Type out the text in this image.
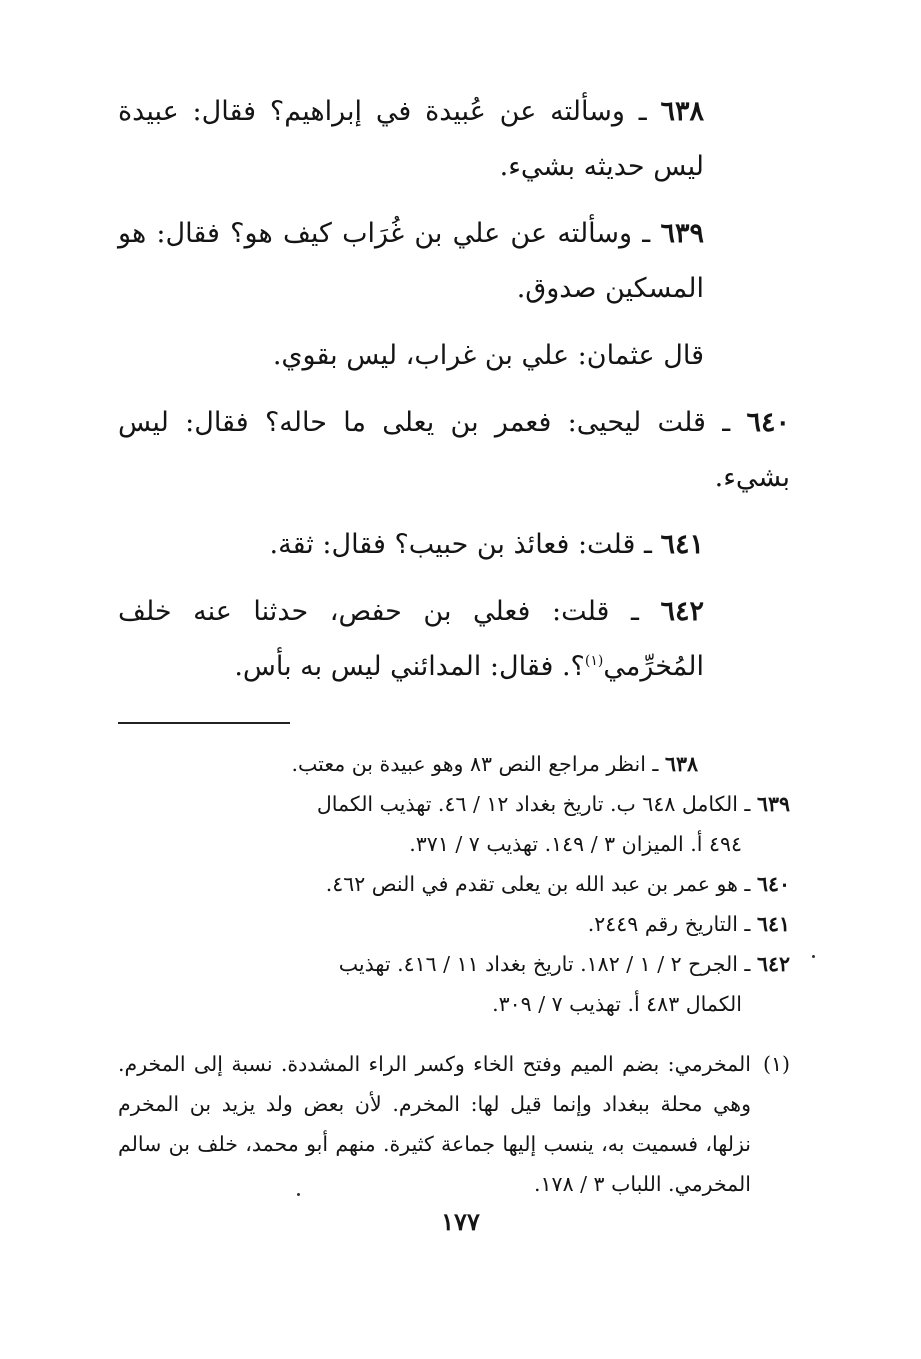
٦٣٨ ـ وسألته عن عُبيدة في إبراهيم؟ فقال: عبيدة ليس حديثه بشيء.

٦٣٩ ـ وسألته عن علي بن غُرَاب كيف هو؟ فقال: هو المسكين صدوق.

قال عثمان: علي بن غراب، ليس بقوي.

٦٤٠ ـ قلت ليحيى: فعمر بن يعلى ما حاله؟ فقال: ليس بشيء.

٦٤١ ـ قلت: فعائذ بن حبيب؟ فقال: ثقة.

٦٤٢ ـ قلت: فعلي بن حفص، حدثنا عنه خلف المُخرِّمي$^{(١)}$؟. فقال: المدائني ليس به بأس.

٦٣٨ ـ انظر مراجع النص ٨٣ وهو عبيدة بن معتب.
٦٣٩ ـ الكامل ٦٤٨ ب. تاريخ بغداد ١٢ / ٤٦. تهذيب الكمال
٤٩٤ أ. الميزان ٣ / ١٤٩. تهذيب ٧ / ٣٧١.
٦٤٠ ـ هو عمر بن عبد الله بن يعلى تقدم في النص ٤٦٢.
٦٤١ ـ التاريخ رقم ٢٤٤٩.
٦٤٢ ـ الجرح ٢ / ١ / ١٨٢. تاريخ بغداد ١١ / ٤١٦. تهذيب
الكمال ٤٨٣ أ. تهذيب ٧ / ٣٠٩.
(١)
المخرمي: بضم الميم وفتح الخاء وكسر الراء المشددة. نسبة إلى المخرم. وهي محلة ببغداد وإنما قيل لها: المخرم. لأن بعض ولد يزيد بن المخرم نزلها، فسميت به، ينسب إليها جماعة كثيرة. منهم أبو محمد، خلف بن سالم المخرمي. اللباب ٣ / ١٧٨.
١٧٧
